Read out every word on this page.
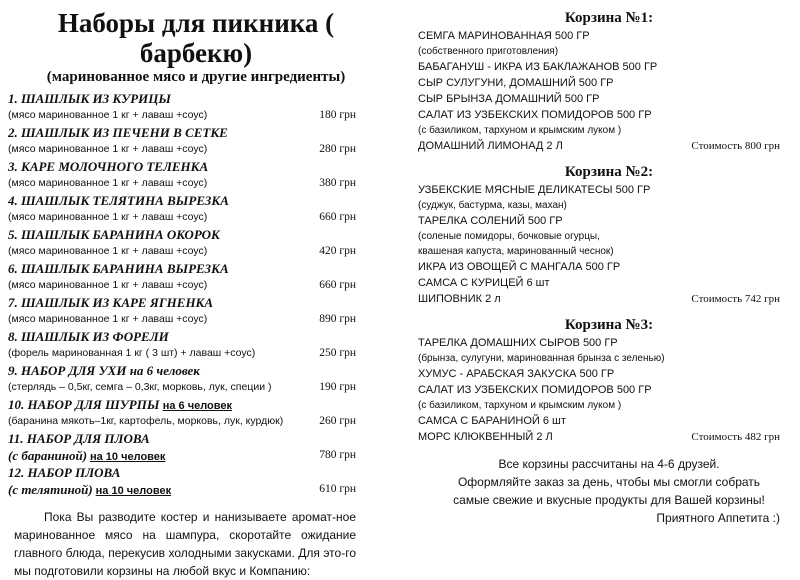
Наборы для пикника ( барбекю)
(маринованное мясо и другие ингредиенты)
1. ШАШЛЫК ИЗ КУРИЦЫ
(мясо маринованное 1 кг + лаваш +соус)	180 грн
2. ШАШЛЫК ИЗ ПЕЧЕНИ В СЕТКЕ
(мясо маринованное 1 кг + лаваш +соус)	280 грн
3. КАРЕ МОЛОЧНОГО ТЕЛЕНКА
(мясо маринованное 1 кг + лаваш +соус)	380 грн
4. ШАШЛЫК ТЕЛЯТИНА ВЫРЕЗКА
(мясо маринованное 1 кг + лаваш +соус)	660 грн
5. ШАШЛЫК БАРАНИНА ОКОРОК
(мясо маринованное 1 кг + лаваш +соус)	420 грн
6. ШАШЛЫК БАРАНИНА ВЫРЕЗКА
(мясо маринованное 1 кг + лаваш +соус)	660 грн
7. ШАШЛЫК ИЗ КАРЕ ЯГНЕНКА
(мясо маринованное 1 кг + лаваш +соус)	890 грн
8. ШАШЛЫК ИЗ ФОРЕЛИ
(форель маринованная 1 кг ( 3 шт) + лаваш +соус)	250 грн
9. НАБОР ДЛЯ УХИ на 6 человек
(стерлядь – 0,5кг, семга – 0,3кг, морковь, лук, специи )	190 грн
10. НАБОР ДЛЯ ШУРПЫ на 6 человек
(баранина мякоть–1кг, картофель, морковь, лук, курдюк)	260 грн
11. НАБОР ДЛЯ ПЛОВА
(с бараниной) на 10 человек	780 грн
12. НАБОР ПЛОВА
(с телятиной) на 10 человек	610 грн
Пока Вы разводите костер и нанизываете аромат-ное маринованное мясо на шампура, скоротайте ожидание главного блюда, перекусив холодными закусками. Для это-го мы подготовили корзины на любой вкус и Компанию:
Корзина №1:
СЕМГА МАРИНОВАННАЯ 500 ГР
(собственного приготовления)
БАБАГАНУШ - ИКРА ИЗ БАКЛАЖАНОВ 500 ГР
СЫР СУЛУГУНИ, ДОМАШНИЙ 500 ГР
СЫР БРЫНЗА ДОМАШНИЙ 500 ГР
САЛАТ ИЗ УЗБЕКСКИХ ПОМИДОРОВ 500 ГР
(с базиликом, тархуном и крымским луком )
ДОМАШНИЙ ЛИМОНАД 2 Л	Стоимость 800 грн
Корзина №2:
УЗБЕКСКИЕ МЯСНЫЕ ДЕЛИКАТЕСЫ 500 ГР
(суджук, бастурма, казы, махан)
ТАРЕЛКА СОЛЕНИЙ 500 ГР
(соленые помидоры, бочковые огурцы,
квашеная капуста, маринованный чеснок)
ИКРА ИЗ ОВОЩЕЙ С МАНГАЛА 500 ГР
САМСА С КУРИЦЕЙ 6 шт
ШИПОВНИК 2 л	Стоимость 742 грн
Корзина №3:
ТАРЕЛКА ДОМАШНИХ СЫРОВ 500 ГР
(брынза, сулугуни, маринованная брынза с зеленью)
ХУМУС - АРАБСКАЯ ЗАКУСКА 500 ГР
САЛАТ ИЗ УЗБЕКСКИХ ПОМИДОРОВ 500 ГР
(с базиликом, тархуном и крымским луком )
САМСА С БАРАНИНОЙ 6 шт
МОРС КЛЮКВЕННЫЙ 2 Л	Стоимость 482 грн
Все корзины рассчитаны на 4-6 друзей.
Оформляйте заказ за день, чтобы мы смогли собрать
самые свежие и вкусные продукты для Вашей корзины!
Приятного Аппетита :)
